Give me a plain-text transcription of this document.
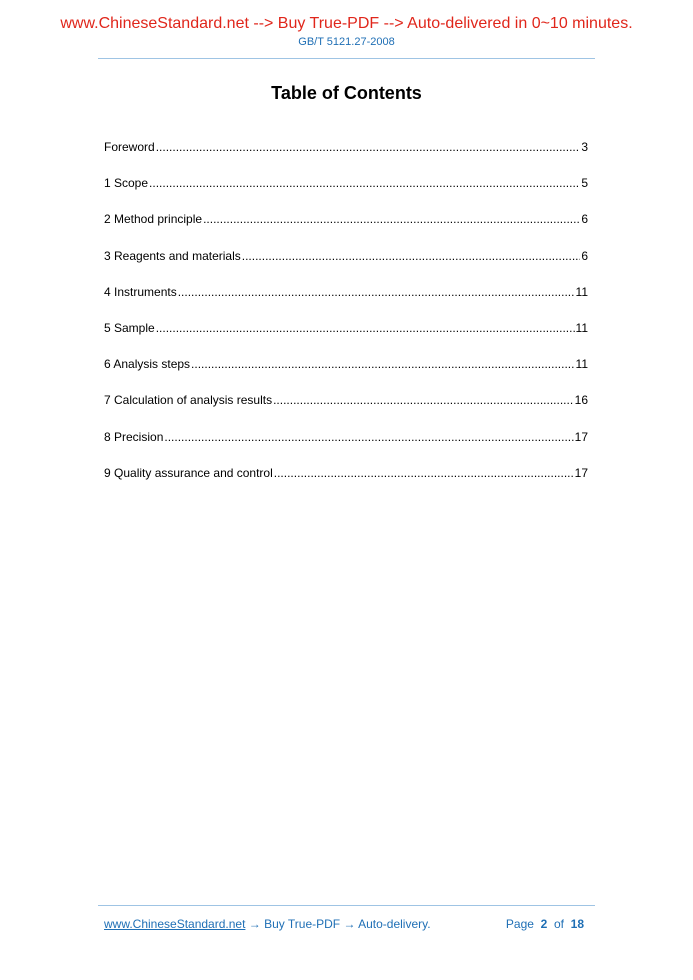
www.ChineseStandard.net --> Buy True-PDF --> Auto-delivered in 0~10 minutes.
GB/T 5121.27-2008
Table of Contents
Foreword .....	3
1 Scope .....	5
2 Method principle .....	6
3 Reagents and materials .....	6
4 Instruments .....	11
5 Sample .....	11
6 Analysis steps .....	11
7 Calculation of analysis results .....	16
8 Precision .....	17
9 Quality assurance and control .....	17
www.ChineseStandard.net → Buy True-PDF → Auto-delivery.	Page 2 of 18
